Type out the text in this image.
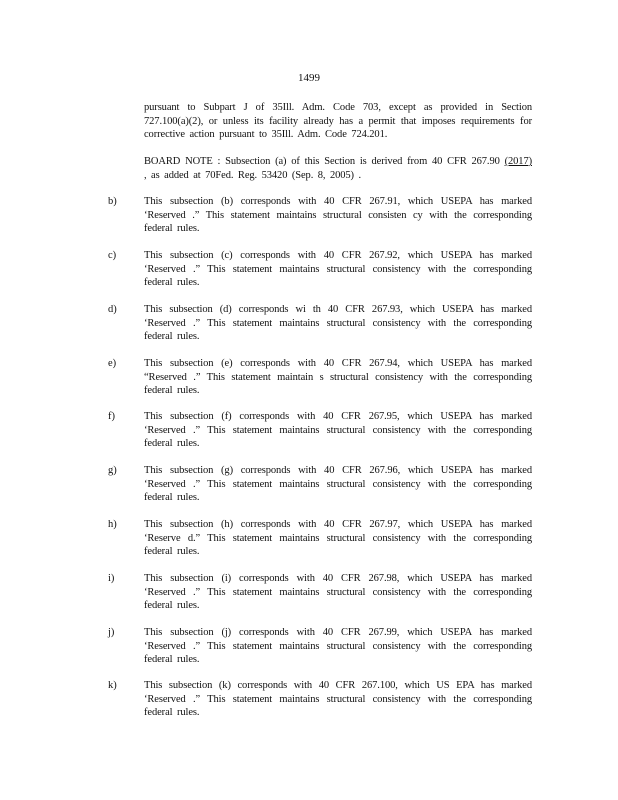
1499
pursuant to Subpart J of 35Ill. Adm. Code 703, except as provided in Section 727.100(a)(2), or unless its facility already has a permit that imposes requirements for corrective action pursuant to 35Ill. Adm. Code 724.201.
BOARD NOTE : Subsection (a) of this Section is derived from 40 CFR 267.90 (2017) , as added at 70Fed. Reg. 53420 (Sep. 8, 2005) .
b)	This subsection (b) corresponds with 40 CFR 267.91, which USEPA has marked ‘Reserved .” This statement maintains structural consisten cy with the corresponding federal rules.
c)	This subsection (c) corresponds with 40 CFR 267.92, which USEPA has marked ‘Reserved .” This statement maintains structural consistency with the corresponding federal rules.
d)	This subsection (d) corresponds wi th 40 CFR 267.93, which USEPA has marked ‘Reserved .” This statement maintains structural consistency with the corresponding federal rules.
e)	This subsection (e) corresponds with 40 CFR 267.94, which USEPA has marked “Reserved .” This statement maintain s structural consistency with the corresponding federal rules.
f)	This subsection (f) corresponds with 40 CFR 267.95, which USEPA has marked ‘Reserved .” This statement maintains structural consistency with the corresponding federal rules.
g)	This subsection (g) corresponds with 40 CFR 267.96, which USEPA has marked ‘Reserved .” This statement maintains structural consistency with the corresponding federal rules.
h)	This subsection (h) corresponds with 40 CFR 267.97, which USEPA has marked ‘Reserve d.” This statement maintains structural consistency with the corresponding federal rules.
i)	This subsection (i) corresponds with 40 CFR 267.98, which USEPA has marked ‘Reserved .” This statement maintains structural consistency with the corresponding federal rules.
j)	This subsection (j) corresponds with 40 CFR 267.99, which USEPA has marked ‘Reserved .” This statement maintains structural consistency with the corresponding federal rules.
k)	This subsection (k) corresponds with 40 CFR 267.100, which US EPA has marked ‘Reserved .” This statement maintains structural consistency with the corresponding federal rules.
